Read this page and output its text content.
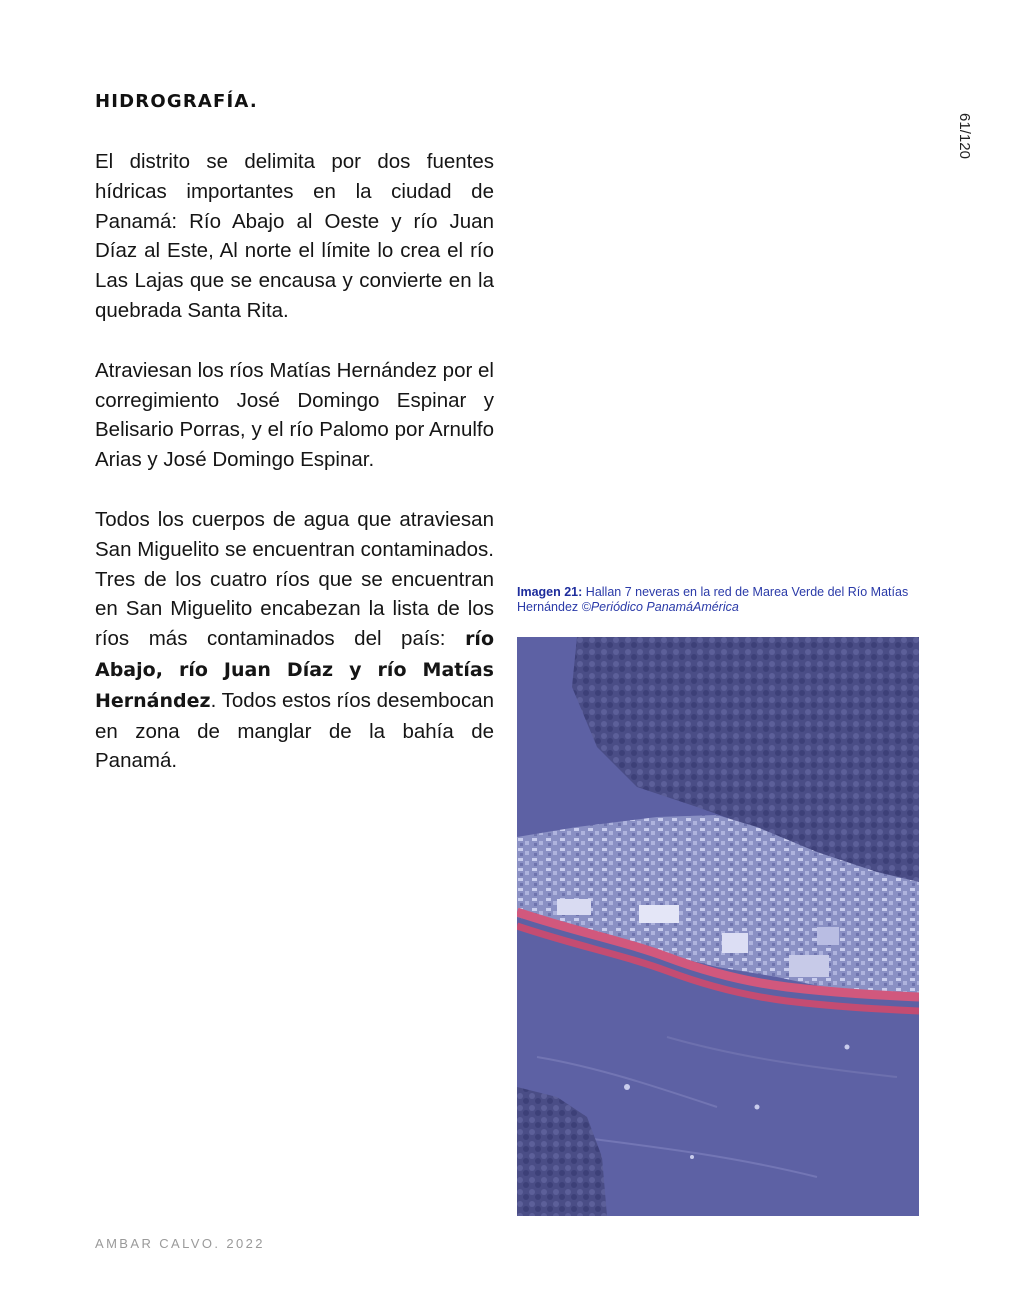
HIDROGRAFÍA.
61/120

El distrito se delimita por dos fuentes hídricas importantes en la ciudad de Panamá: Río Abajo al Oeste y río Juan Díaz al Este, Al norte el límite lo crea el río Las Lajas que se encausa y convierte en la quebrada Santa Rita.

Atraviesan los ríos Matías Hernández por el corregimiento José Domingo Espinar y Belisario Porras, y el río Palomo por Arnulfo Arias y José Domingo Espinar.

Todos los cuerpos de agua que atraviesan San Miguelito se encuentran contaminados. Tres de los cuatro ríos que se encuentran en San Miguelito encabezan la lista de los ríos más contaminados del país: río Abajo, río Juan Díaz y río Matías Hernández. Todos estos ríos desembocan en zona de manglar de la bahía de Panamá.

Imagen 21: Hallan 7 neveras en la red de Marea Verde del Río Matías Hernández ©Periódico PanamáAmérica

AMBAR CALVO. 2022
